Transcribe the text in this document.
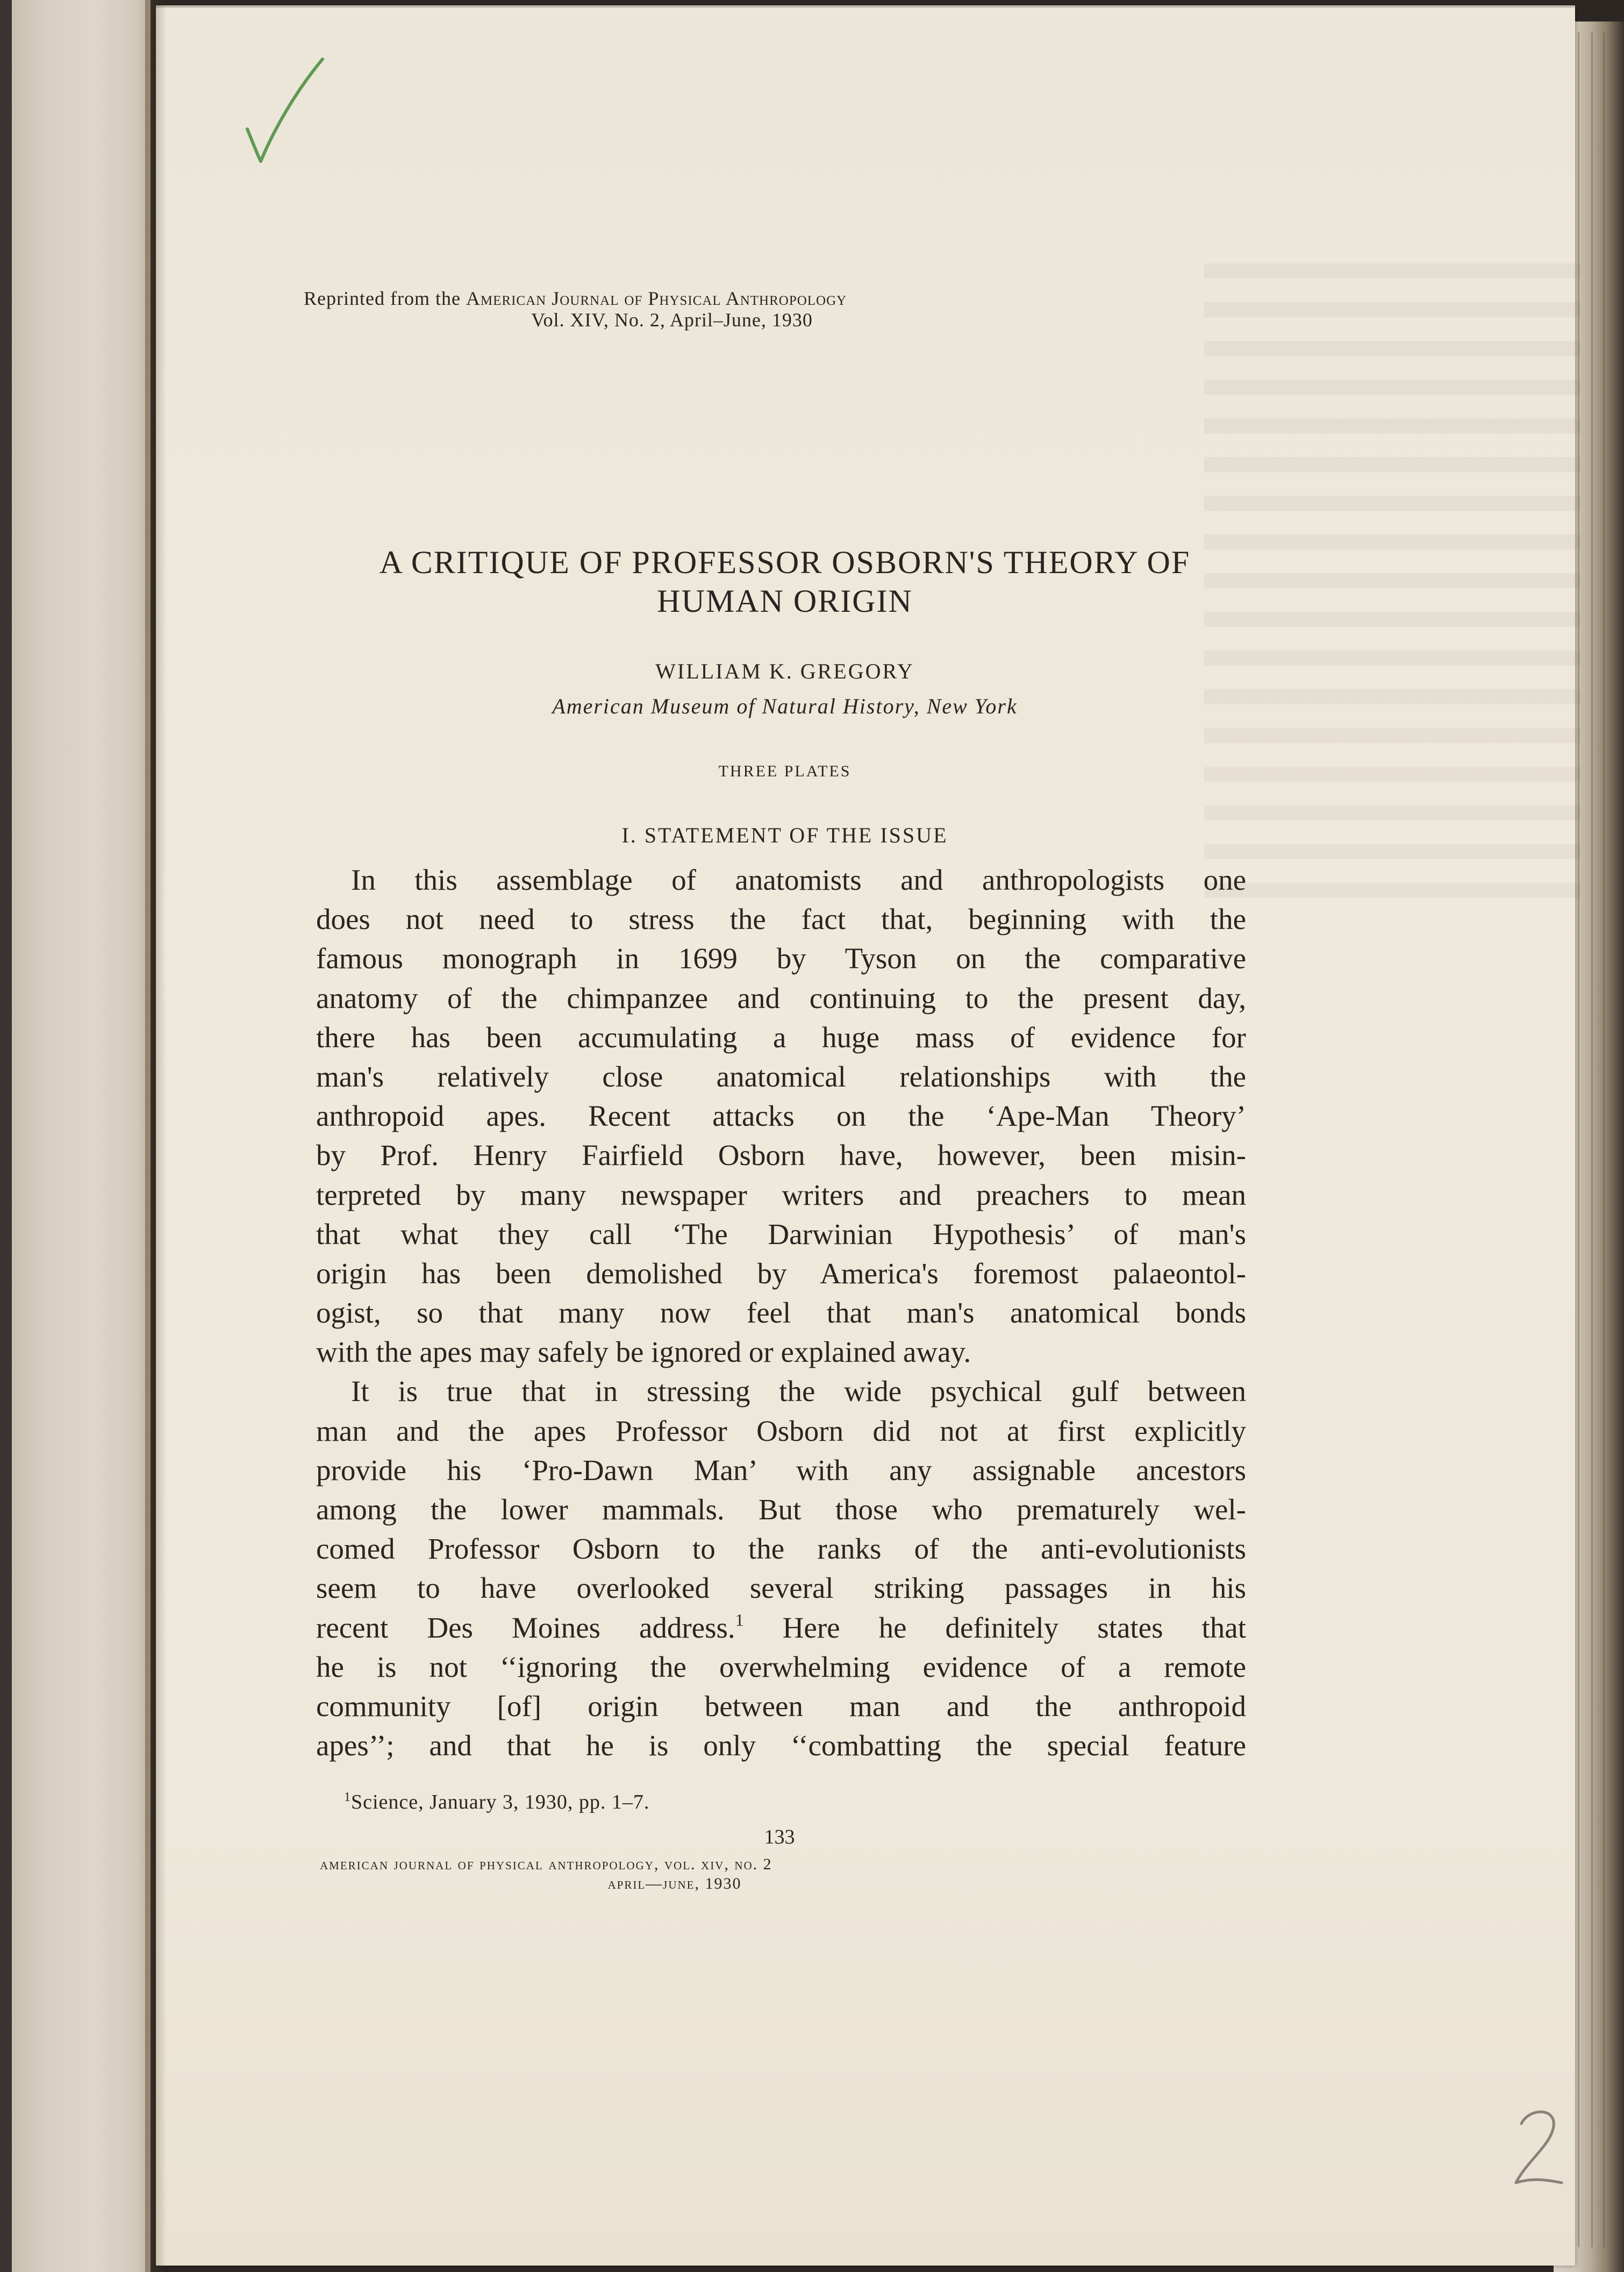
Reprinted from the American Journal of Physical Anthropology
Vol. XIV, No. 2, April–June, 1930
A CRITIQUE OF PROFESSOR OSBORN'S THEORY OF
HUMAN ORIGIN
WILLIAM K. GREGORY
American Museum of Natural History, New York
THREE PLATES
I. STATEMENT OF THE ISSUE
In this assemblage of anatomists and anthropologists one
does not need to stress the fact that, beginning with the
famous monograph in 1699 by Tyson on the comparative
anatomy of the chimpanzee and continuing to the present day,
there has been accumulating a huge mass of evidence for
man's relatively close anatomical relationships with the
anthropoid apes. Recent attacks on the ‘Ape-Man Theory’
by Prof. Henry Fairfield Osborn have, however, been misin-
terpreted by many newspaper writers and preachers to mean
that what they call ‘The Darwinian Hypothesis’ of man's
origin has been demolished by America's foremost palaeontol-
ogist, so that many now feel that man's anatomical bonds
with the apes may safely be ignored or explained away.
It is true that in stressing the wide psychical gulf between
man and the apes Professor Osborn did not at first explicitly
provide his ‘Pro-Dawn Man’ with any assignable ancestors
among the lower mammals. But those who prematurely wel-
comed Professor Osborn to the ranks of the anti-evolutionists
seem to have overlooked several striking passages in his
recent Des Moines address.$^1$ Here he definitely states that
he is not ‘‘ignoring the overwhelming evidence of a remote
community [of] origin between man and the anthropoid
apes’’; and that he is only ‘‘combatting the special feature
$^1$Science, January 3, 1930, pp. 1–7.
133
american journal of physical anthropology, vol. xiv, no. 2
april—june, 1930
